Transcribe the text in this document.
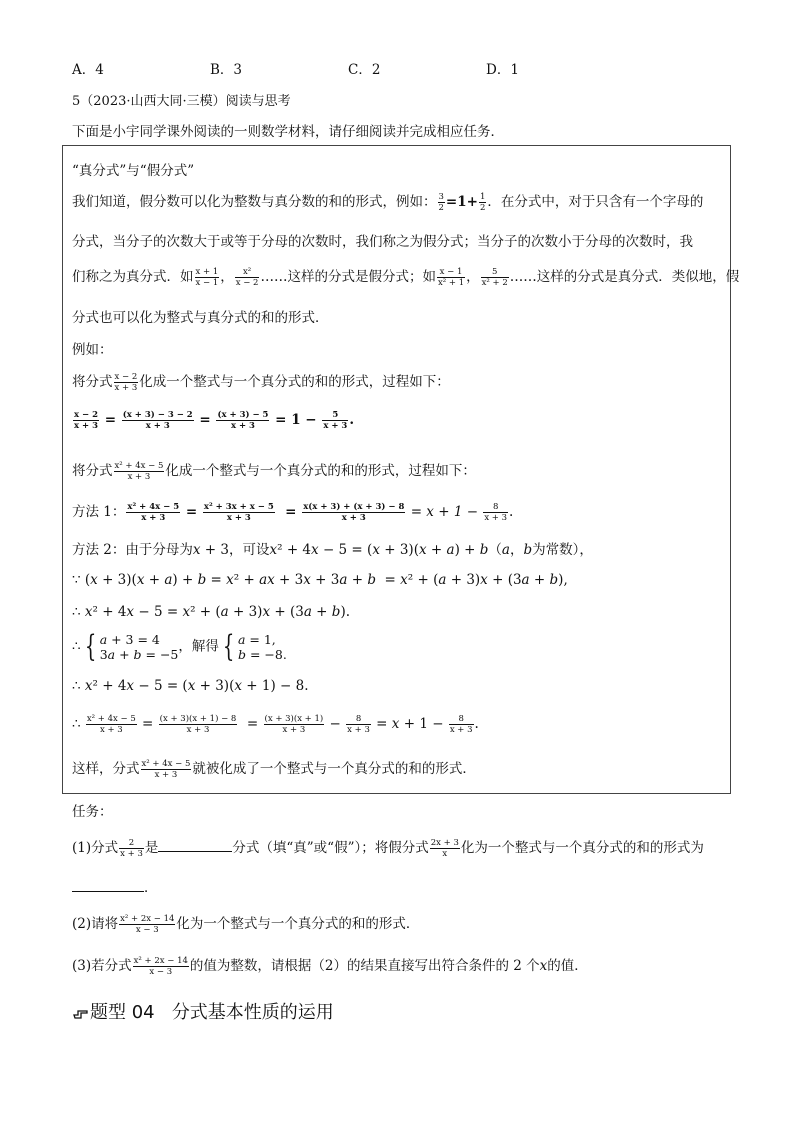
A．4	B．3	C．2	D．1
5（2023·山西大同·三模）阅读与思考
下面是小宇同学课外阅读的一则数学材料，请仔细阅读并完成相应任务．
“真分式”与“假分式”
我们知道，假分数可以化为整数与真分数的和的形式，例如： $\frac{3}{2} =1+ \frac{1}{2}$ ．在分式中，对于只含有一个字母的
分式，当分子的次数大于或等于分母的次数时，我们称之为假分式；当分子的次数小于分母的次数时，我
们称之为真分式．如 $\frac{x + 1}{x - 1}$ ， $\frac{\text{x²}}{x - 2}$ ……这样的分式是假分式；如 $\frac{x - 1}{\text{x² + 1}}$ ， $\frac{5}{\text{x² + 2}}$ ……这样的分式是真分式．类似地，假
分式也可以化为整式与真分式的和的形式．
例如：
将分式 $\frac{x - 2}{x + 3}$ 化成一个整式与一个真分式的和的形式，过程如下：
$\frac{x - 2}{x + 3} = \frac{(x + 3) - 3 - 2}{x + 3} = \frac{(x + 3) - 5}{x + 3} = 1 - \frac{5}{x + 3}$ .
将分式 $\frac{\text{x² + 4x − 5}}{x + 3}$ 化成一个整式与一个真分式的和的形式，过程如下：
方法 1： $\frac{\text{x² + 4x − 5}}{x + 3} = \frac{\text{x² + 3x + x − 5}}{x + 3} = \frac{x(x + 3) + (x + 3) - 8}{x + 3} = x + 1 - \frac{8}{x + 3}$ .
方法 2：由于分母为x + 3，可设x² + 4x − 5 = (x + 3)(x + a) + b（a，b为常数），
∵ (x + 3)(x + a) + b = x² + ax + 3x + 3a + b  = x² + (a + 3)x + (3a + b),
∴ x² + 4x − 5 = x² + (a + 3)x + (3a + b).
∴ { a + 3 = 4
3a + b = −5，解得 { a = 1,
b = −8.
∴ x² + 4x − 5 = (x + 3)(x + 1) − 8.
∴ $\frac{\text{x² + 4x − 5}}{x + 3} = \frac{(x + 3)(x + 1) - 8}{x + 3} = \frac{(x + 3)(x + 1)}{x + 3} - \frac{8}{x + 3} = x + 1 - \frac{8}{x + 3}$ .
这样，分式 $\frac{\text{x² + 4x − 5}}{x + 3}$ 就被化成了一个整式与一个真分式的和的形式．
任务：
(1)分式 $\frac{2}{x + 3}$ 是	分式（填“真”或“假”）；将假分式 $\frac{2x + 3}{x}$ 化为一个整式与一个真分式的和的形式为
．
(2)请将 $\frac{\text{x² + 2x − 14}}{x - 3}$ 化为一个整式与一个真分式的和的形式．
(3)若分式 $\frac{\text{x² + 2x − 14}}{x - 3}$ 的值为整数，请根据（2）的结果直接写出符合条件的 2 个x的值．
题型 04 分式基本性质的运用
